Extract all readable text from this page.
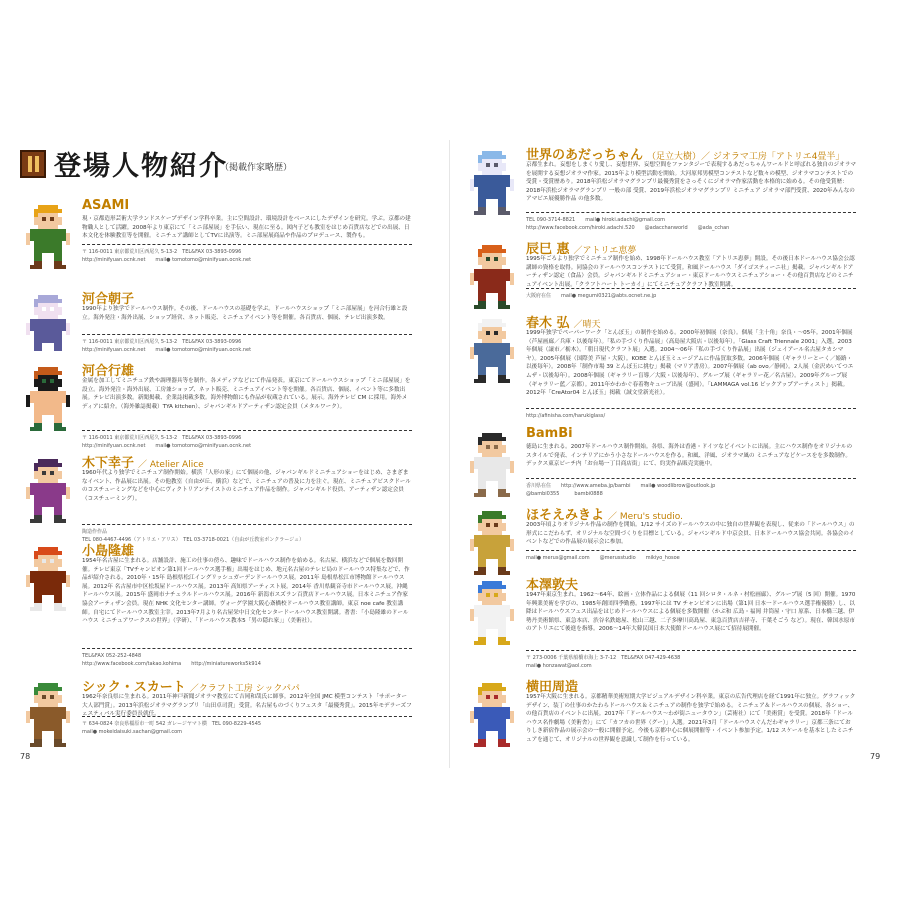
登場人物紹介
（掲載作家略歴）
ASAMI
現・京都造形芸術大学ランドスケープデザイン学科卒業。主に空間設計、環境設計をベースにしたデザインを研究。学ぶ。京都の建物職人として活躍。2008年より東京にて「ミニ部屋展」を手伝い、現在に至る。図内子ども教室をはじめ百貨店などでの出展、日本文化を体験教室等を開催。ミニチュア講師としてTVに出演等。ミニ部屋展商品や作品のプロデュース、製作も。
〒 116-0011 東京都荒川区西尾久 5-13-2　TEL&FAX 03-3893-0996
http://minifyuan.ocnk.net　　mail● tomotomo@minifyuan.ocnk.net
河合朝子
1990年より独学でドールハウス制作。その後、ドールハウスの基礎を学ぶ。ドールハウスショップ「ミニ部屋展」を河合行雄と設立。海外発注・海外出展、ショップ経営、ネット販売、ミニチュアイベント等を開催。各百貨店、個展、テレビ出演多数。
〒 116-0011 東京都荒川区西尾久 5-13-2　TEL&FAX 03-3893-0996
http://minifyuan.ocnk.net　　mail● tomotomo@minifyuan.ocnk.net
河合行雄
金属を加工してミニチュア鉄や調理器具等を制作。各メディアなどにて作品発表。東京にてドールハウスショップ「ミニ部屋展」を設立。海外発注・海外出展、工房兼ショップ、ネット販売、ミニチュアイベント等を開催。各百貨店、個展、イベント等に多数出展。テレビ出演多数。新聞掲載、企業誌掲載多数。海外博物館にも作品が収蔵されている。展示。海外テレビ CM に採用。海外メディアに紹介。（海外雑誌掲載）TYA kitchen）、ジャパンギルドアーティザン認定会員（メタルワーク）。
〒 116-0011 東京都荒川区西尾久 5-13-2　TEL&FAX 03-3893-0996
http://minifyuan.ocnk.net　　mail● tomotomo@minifyuan.ocnk.net
木下幸子 ／ Atelier Alice
1960年代より独学でミニチュア制作開始。横浜「人形の家」にて個展の他、ジャパンギルドミニチュアショーをはじめ、さまざまなイベント、作品展に出展。その他教室（自由が丘、横浜）などで、ミニチュアの普及に力を注ぐ。現在、ミニチュアビスクドールのコスチューミングなどを中心にヴィクトリアンテイストのミニチュア作品を制作。ジャパンギルド役員、アーティザン認定会員（コスチューミング）。
陶造作作品
TEL 080-4467-4496（アトリエ・アリス）　TEL 03-3718-0021（自由が丘教室ボンクラージュ）
小島隆雄
1954年名古屋に生まれる。店舗設計、施工の仕事の傍ら、趣味でドールハウス制作を始める。名古屋、横浜などで個展を数回開催。テレビ東京「TVチャンピオン第1回ドールハウス選手権」出場をはじめ、地元名古屋のテレビ局のドールハウス特集などで、作品が紹介される。2010年・15年 島根県松江イングリッシュガーデンドールハウス展。2011年 島根県松江市博物館ドールハウス展。2012年 名古屋市中区松坂屋ドールハウス展。2013年 高知県アーティスト展。2014年 香川県観音寺市ドールハウス展。沖縄ドールハウス展。2015年 盛岡市ナチュラルドールハウス展。2016年 新潟市スズラン百貨店ドールハウス展。日本ミニチュア作家協会アーティザン会員。現在 NHK 文化センター講師。ヴォーグ学園大阪心斎橋校ドールハウス教室講師。東京 noe cafe 教室講師。自宅にてドールハウス教室主宰。2013年7月より名古屋栄中日文化センタードールハウス教室開講。著書：「小島隆雄のドールハウス ミニチュアワークスの世界」（学研）、「ドールハウス教本5「男の隠れ家」」（美術社）。
TEL&FAX 052-252-4848
http://www.facebook.com/takao.kohima　　http://miniatureworks5k914
シック・スカート ／クラフト工房 シックパパ
1962年奈良県に生まれる。2011年神戸新聞ジオラマ教室にて吉岡和哉氏に師事。2012年全国 JMC 模型コンテスト「サポーター大人部門賞」。2013年浜松ジオラマグランプリ「山田卓司賞」受賞。名古屋ものづくりフェスタ「最優秀賞」。2015年モデラーズフェスティバル実行委員長就任。
〒 634-0824 奈良県橿原市一町 542 ガレージヤマト横　TEL 090-8229-4545
mail● mokeidaisuki.sachan@gmail.com
世界のあだっちゃん （足立大樹）／ ジオラマ工房「アトリエ4畳半」
京都生まれ。妄想をしまくり愛し、妄想世界、妄想空間をファンタジーで表現するあだっちゃんワールドと呼ばれる独自のジオラマを展開する妄想ジオラマ作家。2015年より模型活動を開始。大河原邦男模型コンテストなど数々の模型、ジオラマコンテストでの受賞・受賞歴あり。2018年浜松ジオラマグランプリ最優秀賞をさっそくにジオラマ作家活動を本格的に始める。その他受賞歴：2018年浜松ジオラマグランプリ 一般の部 受賞、2019年浜松ジオラマグランプリ ミニチュア ジオラマ部門受賞、2020年みんなのアマビエ展優勝作品 の他多数。
TEL 090-3714-8821　　mail● hiroki.adachi@gmail.com
http://www.facebook.com/hiroki.adachi.520　　@adacchanworld　　@ada_cchan
辰巳 惠 ／アトリエ恵夢
1995年ごろより独学でミニチュア制作を始め、1998年ドールハウス教室「アトリエ恵夢」開設。その後日本ドールハウス協会公認講師の資格を取得。同協会のドールハウスコンテストにて受賞。和風ドールハウス「ダイゴスティーニ社」掲載。ジャパンギルドアーティザン認定（食品）会員。ジャパンギルドミニチュアショー・東京ドールハウスミニチュアショー・その他百貨店などのミニチュアイベント出展。「クラフトハート トーカイ」にてミニチュアクラフト教室開講。
大阪府在住　　mail● megumi0321@abts.ocnet.ne.jp
春木 弘 ／晴天
1999年独学でペーパーワーク「とんぼ玉」の制作を始める。2000年初個展（奈良）。個展「主十角」奈良・～05年。2001年個展（芦屋画廊／兵庫・以後毎年）。「私の手づくり作品展」（高島屋大阪店・以後毎年）。「Glass Craft Triennale 2001」入選。2003年個展（譲市／栃木）。「朝日現代クラフト展」入選。2004～06年「私の手づくり作品展」出展（ジェイアール名古屋タカシマヤ）。2005年個展（国際美 芦屋・大阪）。KOBE とんぼ玉ミュージアムに作品買取多数。2006年個展（ギャラリーとーく／姫路・以後毎年）。2008年「制作市場 39 とんぼ玉に挑む」掲載（マリア書房）。2007年個展（ab ovo／静岡）。2人展（金沢めいてつエムザ・以後毎年）。2008年個展（ギャラリー盲導／大阪・以後毎年）、グループ展（ギャラリー花／名古屋）。2009年グループ展（ギャラリー藍／京都）。2011年かわかぐ春着物キューブ出展（盛岡）。「LAMMAGA vol.16 ピックアップアーティスト」掲載。2012年「CreAtor04 とんぼ玉」掲載（誠文堂新光社）。
http://afinisha.com/harukiglass/
BamBi
徳島に生まれる。2007年ドールハウス制作開始。各県、海外は香港・ドイツなどイベントに出展。主にハウス制作をオリジナルのスタイルで発表、インテリアにかう小さなドールハウスを作る。和風、洋風、ジオラマ風の ミニチュアなどケースをを多数制作。デックス東京ビーチ内「お台場一丁目商店街」にて、約実作品販売実施中。
香川県在住　　http://www.ameba.jp/bambi　　mail● woodlibrow@outlook.jp
@bambi0355　　　bambi0888
ほそえみきよ ／ Meru's studio.
2003年頃よりオリジナル作品の制作を開始。1/12 サイズのドールハウスの中に独自の世界観を表現し、従来の「ドールハウス」の形式にこだわらず、オリジナルな空間づくりを目標としている。ジャパンギルド中京会員、日本ドールハウス協会共同。各協会のイベントなどでの作品展の展示会に参加。
mail● merus@gmail.com　　@merusstudio　　mikiyo_hosoe
本澤敦夫
1947年東京生まれ。1962～64年、絵画・立体作品による個展（11 回シロタ・ルネ・村松画廊）、グループ展（5 回）開催。1970年興業美術を学びの、1985年創団四季勤務。1997年には TV チャンピオンに出場（第1回 日本一ドールハウス選手権優勝）し、以降はドールハウスフェス出品をはじめドールハウスによる個展を多数開催（かぶ和 広島・福岡 井筒屋・守口 原系、日本橋三越、伊勢丹美術館県、東急本店、渋谷名鉄総屋、松山三越、二子多摩川高島屋、東急百貨店吉祥寺、千葉そごう など）。現在、韓国水原市のアトリエにて後進を指導。2006～14年大韓民国日本大使館ドールハウス展にて招待展開催。
〒 273-0006 千葉県船橋市海上 3-7-12　TEL&FAX 047-429-4638
mail● honzawat@aol.com
横田周造
1957年大阪に生まれる。京都精華美術短期大学ビジュアルデザイン科卒業。東京の広告代理店を経て1991年に独立。グラフィックデザイン、装丁の仕事のかたわらドールハウス＆ミニチュアの制作を独学で始める。ミニチュア＆ドールハウスの個展、各ショー、の他百貨店のイベントに出展。2017年「ドールハウス～わが街ニュータウン」（芸術社）にて「美術賞」を受賞。2018年「ドールハウス名作劇場（美術舎）」にて「カフカの世界（グー）」入選。2021年3月「ドールハウスぐんだわギャラリー」京都三条にておりしき新宿作品の展示会の一般に開催予定。今後も京都中心に個展開催等・イベント参加予定。1/12 スケールを基本としたミニチュアを通じて、オリジナルの世界観を意識して制作を行っている。
78	79
